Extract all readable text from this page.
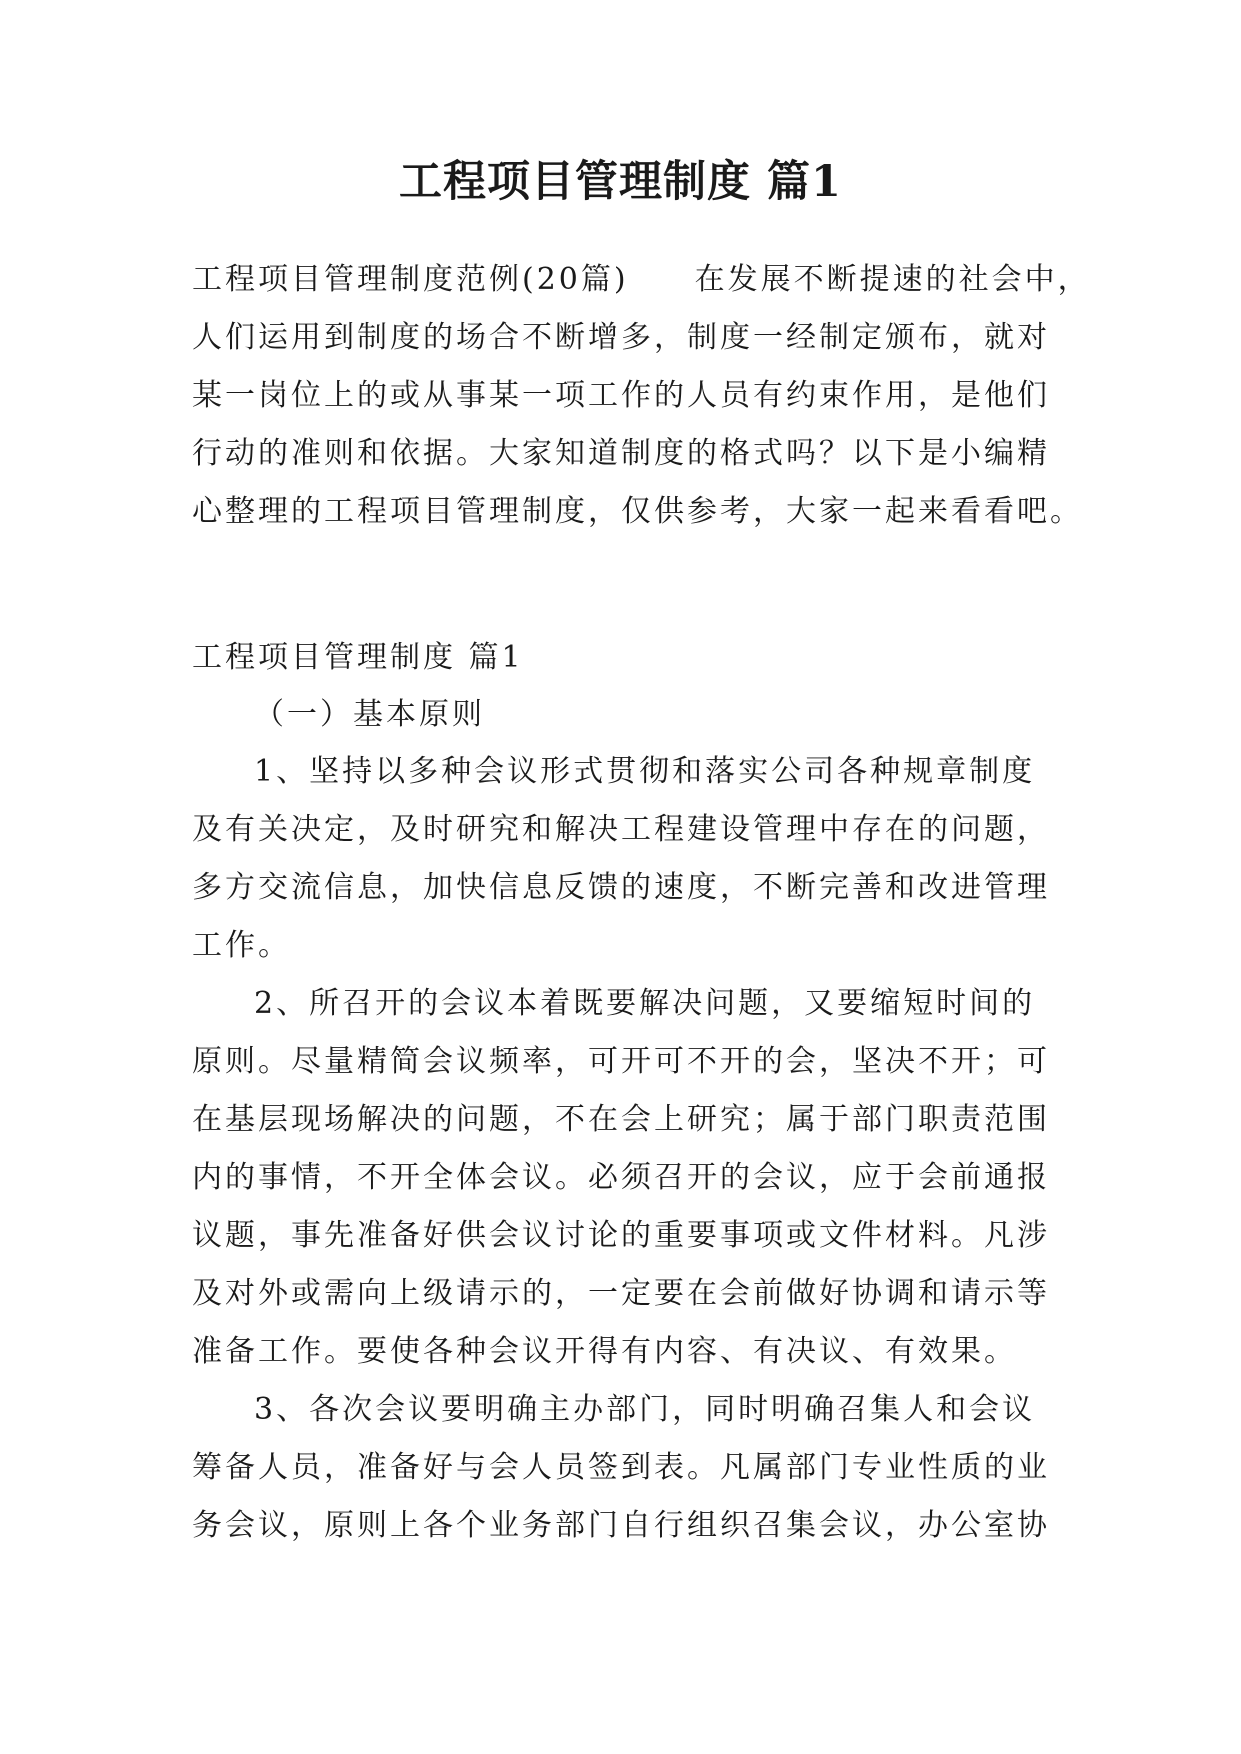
工程项目管理制度 篇1
工程项目管理制度范例(20篇)　　在发展不断提速的社会中，
人们运用到制度的场合不断增多，制度一经制定颁布，就对
某一岗位上的或从事某一项工作的人员有约束作用，是他们
行动的准则和依据。大家知道制度的格式吗？以下是小编精
心整理的工程项目管理制度，仅供参考，大家一起来看看吧。
工程项目管理制度 篇1
（一）基本原则
1、坚持以多种会议形式贯彻和落实公司各种规章制度
及有关决定，及时研究和解决工程建设管理中存在的问题，
多方交流信息，加快信息反馈的速度，不断完善和改进管理
工作。
2、所召开的会议本着既要解决问题，又要缩短时间的
原则。尽量精简会议频率，可开可不开的会，坚决不开；可
在基层现场解决的问题，不在会上研究；属于部门职责范围
内的事情，不开全体会议。必须召开的会议，应于会前通报
议题，事先准备好供会议讨论的重要事项或文件材料。凡涉
及对外或需向上级请示的，一定要在会前做好协调和请示等
准备工作。要使各种会议开得有内容、有决议、有效果。
3、各次会议要明确主办部门，同时明确召集人和会议
筹备人员，准备好与会人员签到表。凡属部门专业性质的业
务会议，原则上各个业务部门自行组织召集会议，办公室协
